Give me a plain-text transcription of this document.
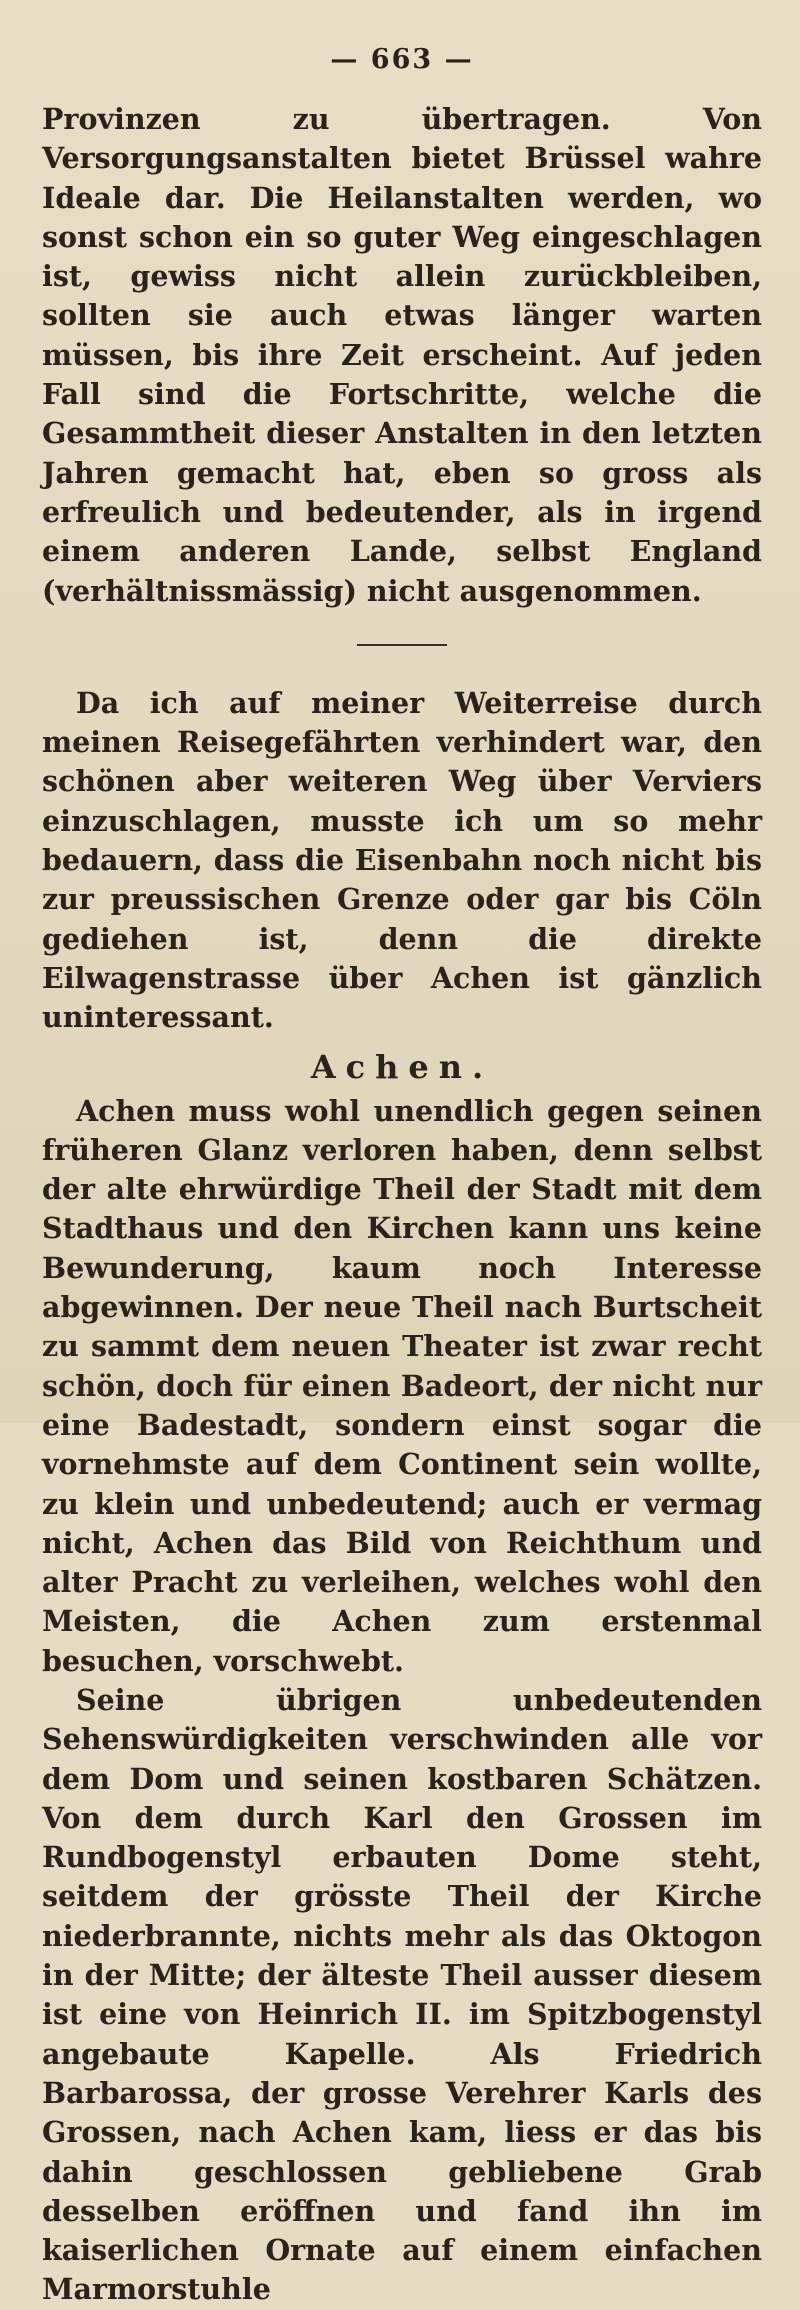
— 663 —

Provinzen zu übertragen. Von Versorgungsanstalten bietet Brüssel wahre Ideale dar. Die Heilanstalten werden, wo sonst schon ein so guter Weg eingeschlagen ist, gewiss nicht allein zurückbleiben, sollten sie auch etwas länger warten müssen, bis ihre Zeit erscheint. Auf jeden Fall sind die Fortschritte, welche die Gesammtheit dieser Anstalten in den letzten Jahren gemacht hat, eben so gross als erfreulich und bedeutender, als in irgend einem anderen Lande, selbst England (verhältnissmässig) nicht ausgenommen.

Da ich auf meiner Weiterreise durch meinen Reisegefährten verhindert war, den schönen aber weiteren Weg über Verviers einzuschlagen, musste ich um so mehr bedauern, dass die Eisenbahn noch nicht bis zur preussischen Grenze oder gar bis Cöln gediehen ist, denn die direkte Eilwagenstrasse über Achen ist gänzlich uninteressant.

Achen.

Achen muss wohl unendlich gegen seinen früheren Glanz verloren haben, denn selbst der alte ehrwürdige Theil der Stadt mit dem Stadthaus und den Kirchen kann uns keine Bewunderung, kaum noch Interesse abgewinnen. Der neue Theil nach Burtscheit zu sammt dem neuen Theater ist zwar recht schön, doch für einen Badeort, der nicht nur eine Badestadt, sondern einst sogar die vornehmste auf dem Continent sein wollte, zu klein und unbedeutend; auch er vermag nicht, Achen das Bild von Reichthum und alter Pracht zu verleihen, welches wohl den Meisten, die Achen zum erstenmal besuchen, vorschwebt.

Seine übrigen unbedeutenden Sehenswürdigkeiten verschwinden alle vor dem Dom und seinen kostbaren Schätzen. Von dem durch Karl den Grossen im Rundbogenstyl erbauten Dome steht, seitdem der grösste Theil der Kirche niederbrannte, nichts mehr als das Oktogon in der Mitte; der älteste Theil ausser diesem ist eine von Heinrich II. im Spitzbogenstyl angebaute Kapelle. Als Friedrich Barbarossa, der grosse Verehrer Karls des Grossen, nach Achen kam, liess er das bis dahin geschlossen gebliebene Grab desselben eröffnen und fand ihn im kaiserlichen Ornate auf einem einfachen Marmorstuhle
